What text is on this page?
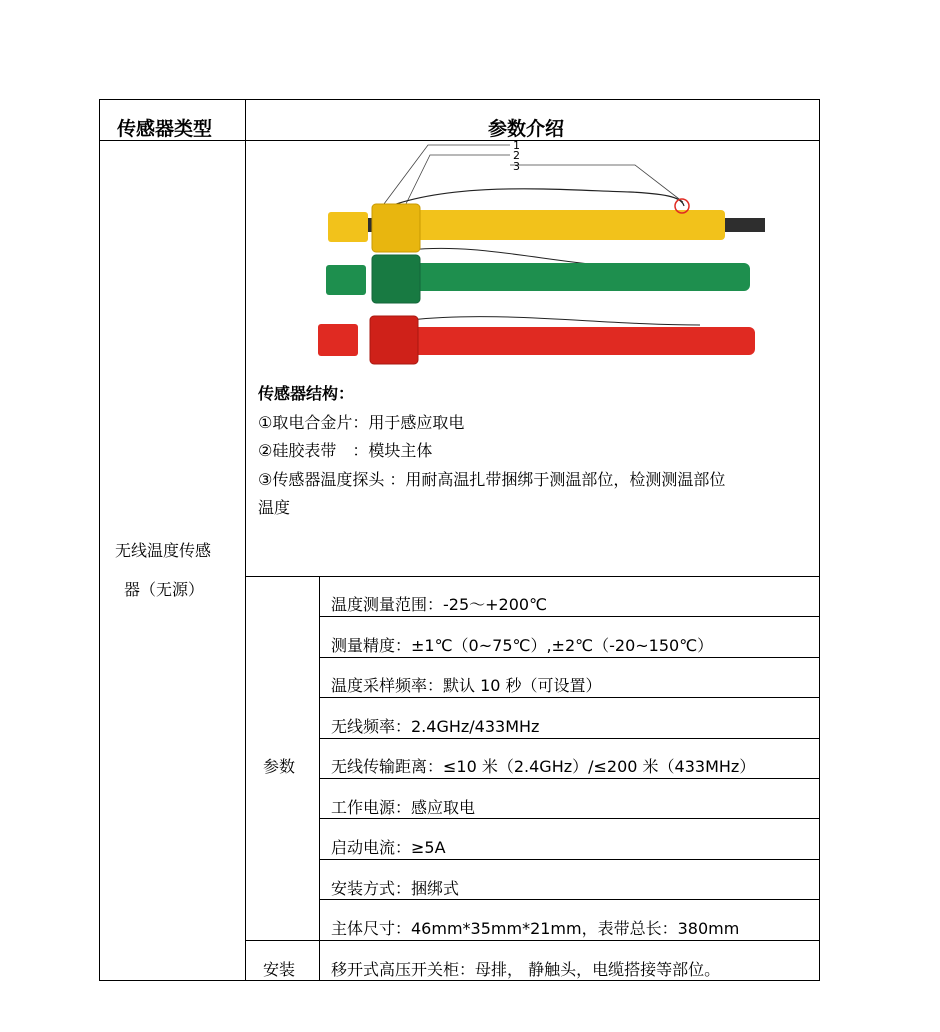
传感器类型	参数介绍
无线温度传感
器（无源）
1
2
3
传感器结构：
①取电合金片：用于感应取电
②硅胶表带　：模块主体
③传感器温度探头 ：用耐高温扎带捆绑于测温部位，检测测温部位
温度
参数
温度测量范围：-25～+200℃
测量精度：±1℃（0~75℃）,±2℃（-20~150℃）
温度采样频率：默认 10 秒（可设置）
无线频率：2.4GHz/433MHz
无线传输距离：≤10 米（2.4GHz）/≤200 米（433MHz）
工作电源：感应取电
启动电流：≥5A
安装方式：捆绑式
主体尺寸：46mm*35mm*21mm，表带总长：380mm
安装 移开式高压开关柜：母排， 静触头，电缆搭接等部位。
